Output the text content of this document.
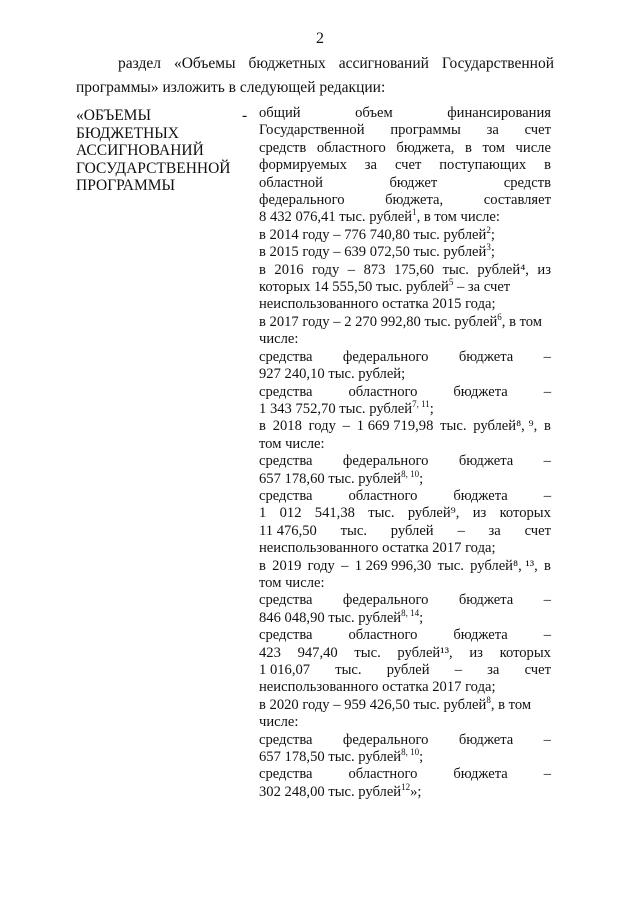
2
раздел «Объемы бюджетных ассигнований Государственной
программы» изложить в следующей редакции:
«ОБЪЕМЫ
БЮДЖЕТНЫХ
АССИГНОВАНИЙ
ГОСУДАРСТВЕННОЙ
ПРОГРАММЫ
- общий	объем	финансирования
Государственной программы за счет
средств областного бюджета, в том числе
формируемых за счет поступающих в
областной	бюджет	средств
федерального	бюджета,	составляет
8 432 076,41 тыс. рублей$^1$, в том числе:
в 2014 году – 776 740,80 тыс. рублей$^2$;
в 2015 году – 639 072,50 тыс. рублей$^3$;
в 2016 году – 873 175,60 тыс. рублей⁴, из
которых 14 555,50 тыс. рублей$^5$ – за счет
неиспользованного остатка 2015 года;
в 2017 году – 2 270 992,80 тыс. рублей$^6$, в том
числе:
средства федерального бюджета –
927 240,10 тыс. рублей;
средства областного бюджета –
1 343 752,70 тыс. рублей$^{7, 11}$;
в 2018 году – 1 669 719,98 тыс. рублей⁸, ⁹, в
том числе:
средства федерального бюджета –
657 178,60 тыс. рублей$^{8, 10}$;
средства областного бюджета –
1 012 541,38 тыс. рублей⁹, из которых
11 476,50 тыс. рублей – за счет
неиспользованного остатка 2017 года;
в 2019 году – 1 269 996,30 тыс. рублей⁸, ¹³, в
том числе:
средства федерального бюджета –
846 048,90 тыс. рублей$^{8, 14}$;
средства областного бюджета –
423 947,40 тыс. рублей¹³, из которых
1 016,07 тыс. рублей – за счет
неиспользованного остатка 2017 года;
в 2020 году – 959 426,50 тыс. рублей$^8$, в том
числе:
средства федерального бюджета –
657 178,50 тыс. рублей$^{8, 10}$;
средства областного бюджета –
302 248,00 тыс. рублей$^{12}$»;
